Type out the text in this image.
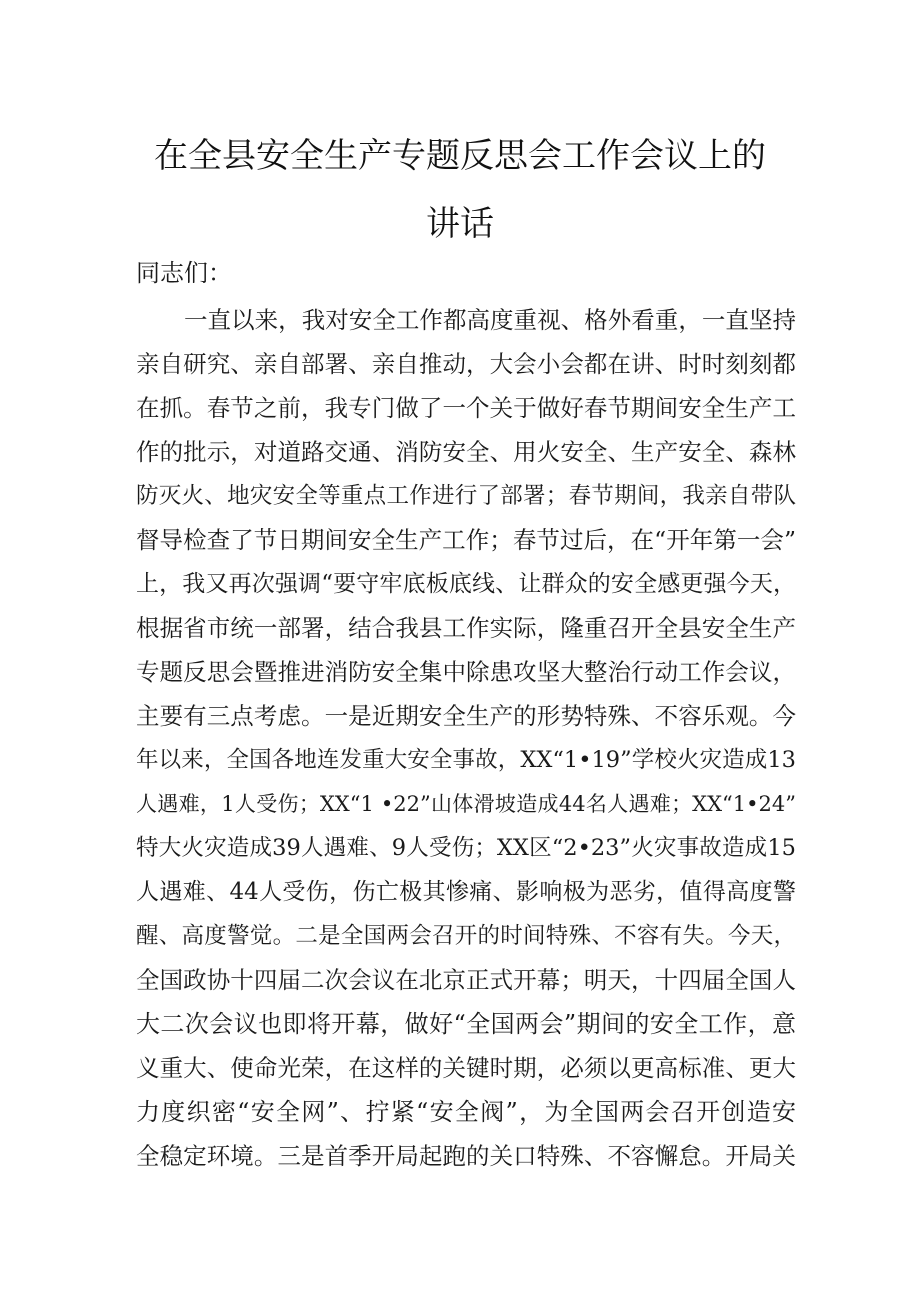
在全县安全生产专题反思会工作会议上的
讲话
同志们：
一直以来，我对安全工作都高度重视、格外看重，一直坚持
亲自研究、亲自部署、亲自推动，大会小会都在讲、时时刻刻都
在抓。春节之前，我专门做了一个关于做好春节期间安全生产工
作的批示，对道路交通、消防安全、用火安全、生产安全、森林
防灭火、地灾安全等重点工作进行了部署；春节期间，我亲自带队
督导检查了节日期间安全生产工作；春节过后，在“开年第一会”
上，我又再次强调“要守牢底板底线、让群众的安全感更强今天，
根据省市统一部署，结合我县工作实际，隆重召开全县安全生产
专题反思会暨推进消防安全集中除患攻坚大整治行动工作会议，
主要有三点考虑。一是近期安全生产的形势特殊、不容乐观。今
年以来，全国各地连发重大安全事故，XX“1•19”学校火灾造成13
人遇难，1人受伤；XX“1 •22”山体滑坡造成44名人遇难；XX“1•24”
特大火灾造成39人遇难、9人受伤；XX区“2•23”火灾事故造成15
人遇难、44人受伤，伤亡极其惨痛、影响极为恶劣，值得高度警
醒、高度警觉。二是全国两会召开的时间特殊、不容有失。今天，
全国政协十四届二次会议在北京正式开幕；明天，十四届全国人
大二次会议也即将开幕，做好“全国两会”期间的安全工作，意
义重大、使命光荣，在这样的关键时期，必须以更高标准、更大
力度织密“安全网”、拧紧“安全阀”，为全国两会召开创造安
全稳定环境。三是首季开局起跑的关口特殊、不容懈怠。开局关
